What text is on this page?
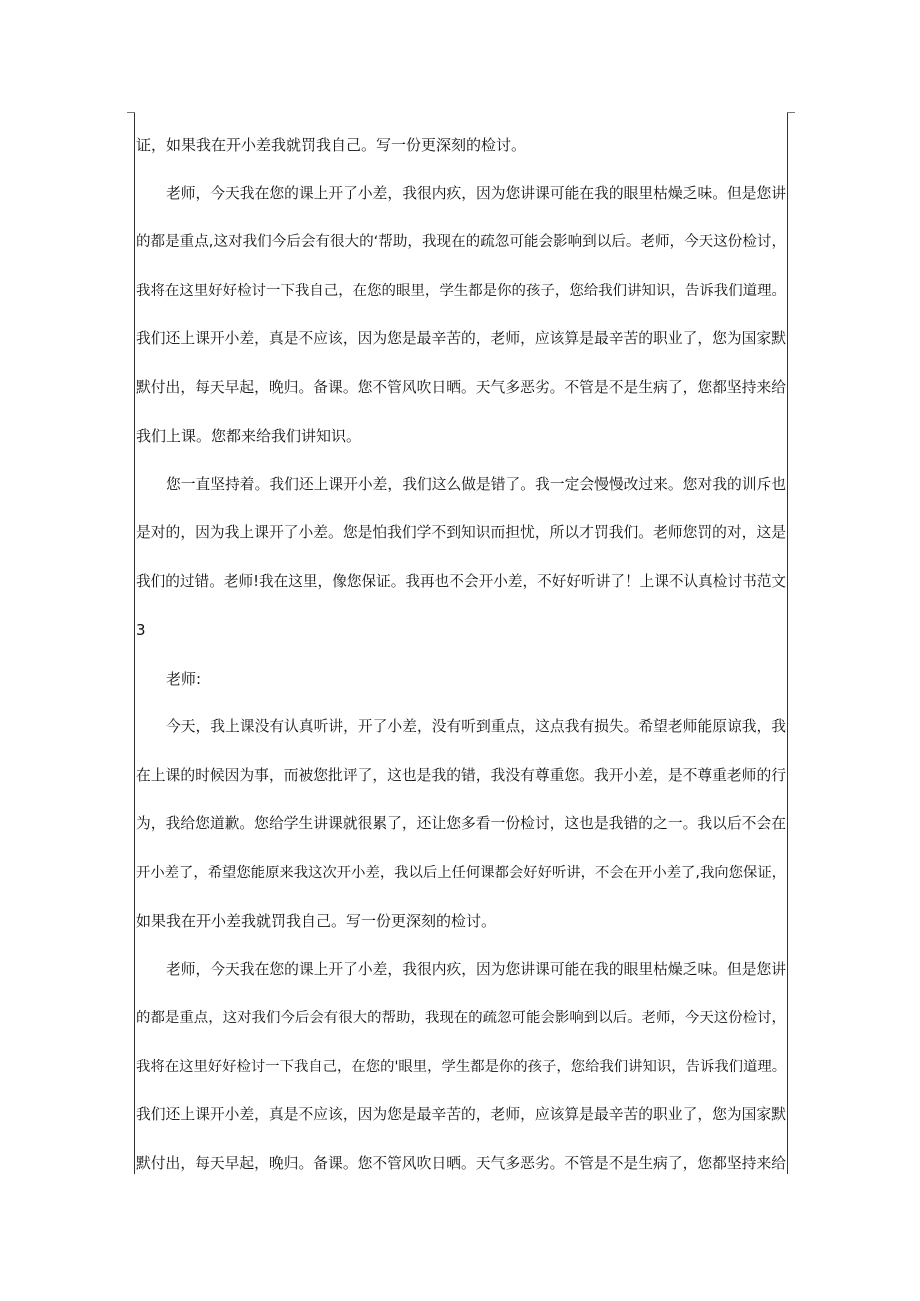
证，如果我在开小差我就罚我自己。写一份更深刻的检讨。
老师，今天我在您的课上开了小差，我很内疚，因为您讲课可能在我的眼里枯燥乏味。但是您讲
的都是重点,这对我们今后会有很大的‘帮助，我现在的疏忽可能会影响到以后。老师，今天这份检讨，
我将在这里好好检讨一下我自己，在您的眼里，学生都是你的孩子，您给我们讲知识，告诉我们道理。
我们还上课开小差，真是不应该，因为您是最辛苦的，老师，应该算是最辛苦的职业了，您为国家默
默付出，每天早起，晚归。备课。您不管风吹日晒。天气多恶劣。不管是不是生病了，您都坚持来给
我们上课。您都来给我们讲知识。
您一直坚持着。我们还上课开小差，我们这么做是错了。我一定会慢慢改过来。您对我的训斥也
是对的，因为我上课开了小差。您是怕我们学不到知识而担忧，所以才罚我们。老师您罚的对，这是
我们的过错。老师!我在这里，像您保证。我再也不会开小差，不好好听讲了！上课不认真检讨书范文
3
老师:
今天，我上课没有认真听讲，开了小差，没有听到重点，这点我有损失。希望老师能原谅我，我
在上课的时候因为事，而被您批评了，这也是我的错，我没有尊重您。我开小差，是不尊重老师的行
为，我给您道歉。您给学生讲课就很累了，还让您多看一份检讨，这也是我错的之一。我以后不会在
开小差了，希望您能原来我这次开小差，我以后上任何课都会好好听讲，不会在开小差了,我向您保证，
如果我在开小差我就罚我自己。写一份更深刻的检讨。
老师，今天我在您的课上开了小差，我很内疚，因为您讲课可能在我的眼里枯燥乏味。但是您讲
的都是重点，这对我们今后会有很大的帮助，我现在的疏忽可能会影响到以后。老师，今天这份检讨，
我将在这里好好检讨一下我自己，在您的'眼里，学生都是你的孩子，您给我们讲知识，告诉我们道理。
我们还上课开小差，真是不应该，因为您是最辛苦的，老师，应该算是最辛苦的职业了，您为国家默
默付出，每天早起，晚归。备课。您不管风吹日晒。天气多恶劣。不管是不是生病了，您都坚持来给
